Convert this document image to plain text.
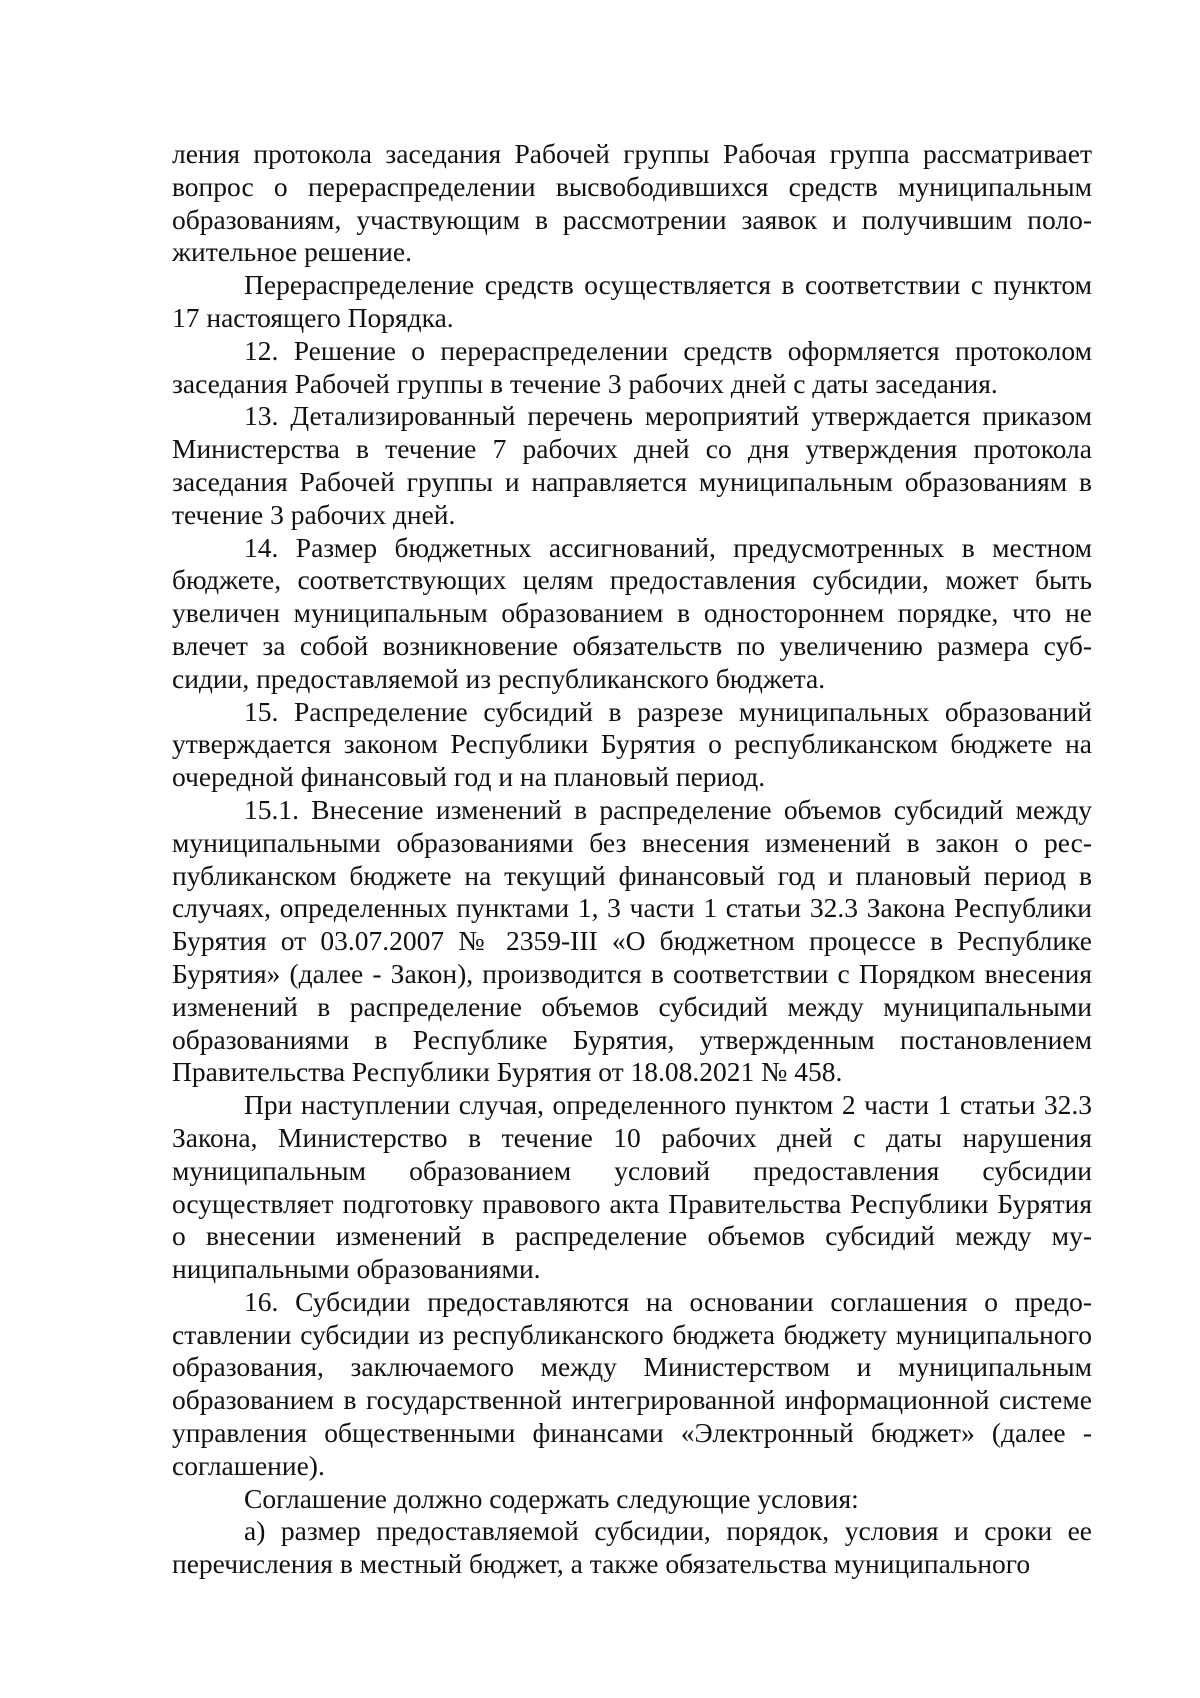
ления протокола заседания Рабочей группы Рабочая группа рассматривает вопрос о перераспределении высвободившихся средств муниципальным образованиям, участвующим в рассмотрении заявок и получившим положительное решение.

Перераспределение средств осуществляется в соответствии с пунктом 17 настоящего Порядка.

12. Решение о перераспределении средств оформляется протоколом заседания Рабочей группы в течение 3 рабочих дней с даты заседания.

13. Детализированный перечень мероприятий утверждается приказом Министерства в течение 7 рабочих дней со дня утверждения протокола заседания Рабочей группы и направляется муниципальным образованиям в течение 3 рабочих дней.

14. Размер бюджетных ассигнований, предусмотренных в местном бюджете, соответствующих целям предоставления субсидии, может быть увеличен муниципальным образованием в одностороннем порядке, что не влечет за собой возникновение обязательств по увеличению размера субсидии, предоставляемой из республиканского бюджета.

15. Распределение субсидий в разрезе муниципальных образований утверждается законом Республики Бурятия о республиканском бюджете на очередной финансовый год и на плановый период.

15.1. Внесение изменений в распределение объемов субсидий между муниципальными образованиями без внесения изменений в закон о республиканском бюджете на текущий финансовый год и плановый период в случаях, определенных пунктами 1, 3 части 1 статьи 32.3 Закона Республики Бурятия от 03.07.2007 № 2359-III «О бюджетном процессе в Республике Бурятия» (далее - Закон), производится в соответствии с Порядком внесения изменений в распределение объемов субсидий между муниципальными образованиями в Республике Бурятия, утвержденным постановлением Правительства Республики Бурятия от 18.08.2021 № 458.

При наступлении случая, определенного пунктом 2 части 1 статьи 32.3 Закона, Министерство в течение 10 рабочих дней с даты нарушения муниципальным образованием условий предоставления субсидии осуществляет подготовку правового акта Правительства Республики Бурятия о внесении изменений в распределение объемов субсидий между муниципальными образованиями.

16. Субсидии предоставляются на основании соглашения о предоставлении субсидии из республиканского бюджета бюджету муниципального образования, заключаемого между Министерством и муниципальным образованием в государственной интегрированной информационной системе управления общественными финансами «Электронный бюджет» (далее - соглашение).

Соглашение должно содержать следующие условия:

а) размер предоставляемой субсидии, порядок, условия и сроки ее перечисления в местный бюджет, а также обязательства муниципального
